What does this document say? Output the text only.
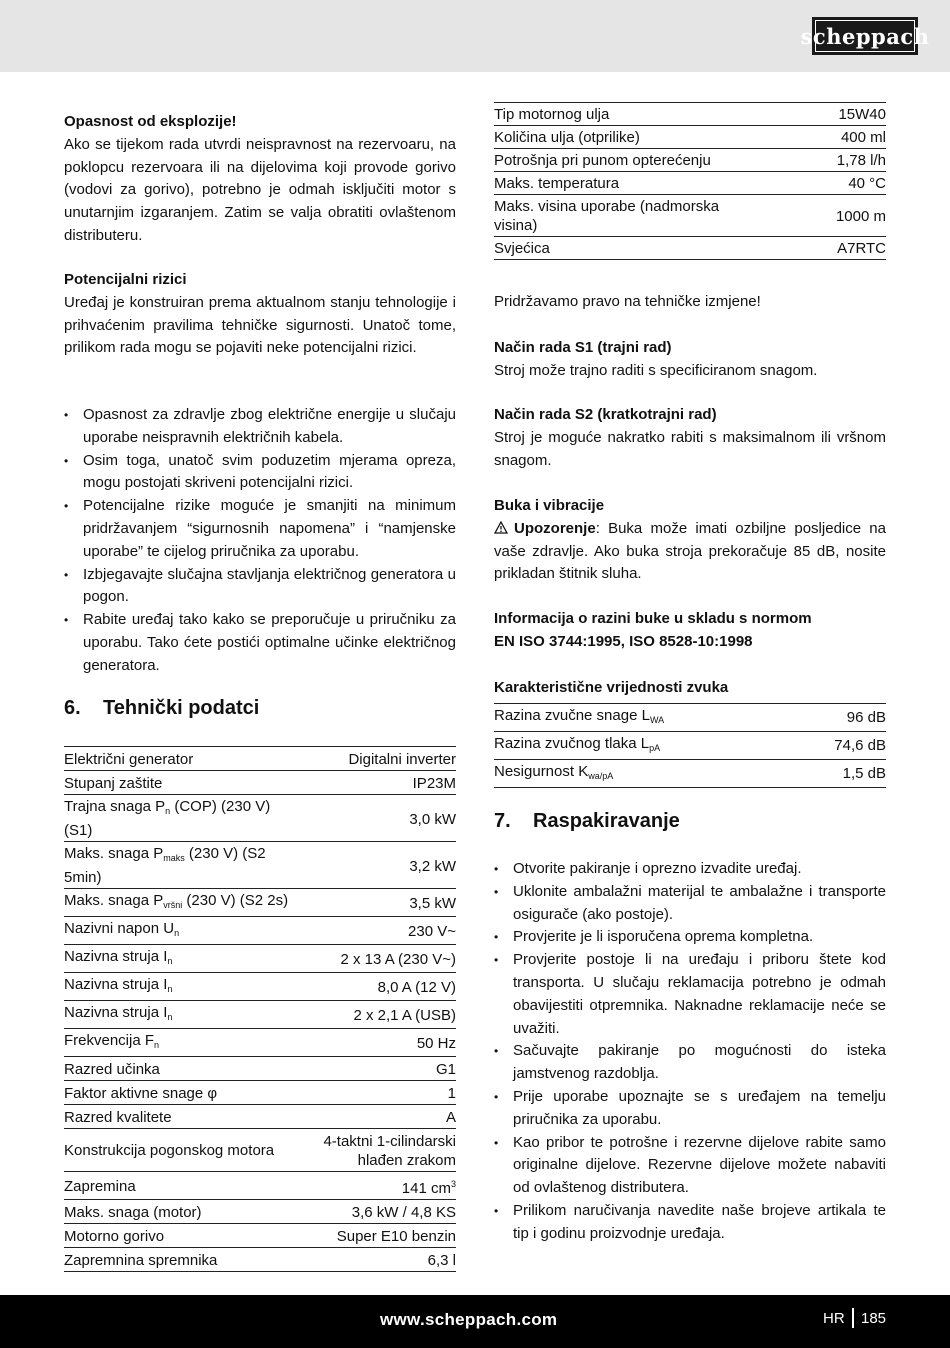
scheppach

Opasnost od eksplozije!

Ako se tijekom rada utvrdi neispravnost na rezervoaru, na poklopcu rezervoara ili na dijelovima koji provode gorivo (vodovi za gorivo), potrebno je odmah isključiti motor s unutarnjim izgaranjem. Zatim se valja obratiti ovlaštenom distributeru.

Potencijalni rizici

Uređaj je konstruiran prema aktualnom stanju tehnologije i prihvaćenim pravilima tehničke sigurnosti. Unatoč tome, prilikom rada mogu se pojaviti neke potencijalni rizici.

• Opasnost za zdravlje zbog električne energije u slučaju uporabe neispravnih električnih kabela.
• Osim toga, unatoč svim poduzetim mjerama opreza, mogu postojati skriveni potencijalni rizici.
• Potencijalne rizike moguće je smanjiti na minimum pridržavanjem “sigurnosnih napomena” i “namjenske uporabe” te cijelog priručnika za uporabu.
• Izbjegavajte slučajna stavljanja električnog generatora u pogon.
• Rabite uređaj tako kako se preporučuje u priručniku za uporabu. Tako ćete postići optimalne učinke električnog generatora.
6.	Tehnički podatci
Električni generator	Digitalni inverter
Stupanj zaštite	IP23M
Trajna snaga $P_n$ (COP) (230 V) (S1)	3,0 kW
Maks. snaga $P_{maks}$ (230 V) (S2 5min)	3,2 kW
Maks. snaga $P_{vršni}$ (230 V) (S2 2s)	3,5 kW
Nazivni napon $U_n$	230 V~
Nazivna struja $I_n$	2 x 13 A (230 V~)
Nazivna struja $I_n$	8,0 A (12 V)
Nazivna struja $I_n$	2 x 2,1 A (USB)
Frekvencija $F_n$	50 Hz
Razred učinka	G1
Faktor aktivne snage φ	1
Razred kvalitete	A
Konstrukcija pogonskog motora	4-taktni 1-cilindarski hlađen zrakom
Zapremina	141 $cm^3$
Maks. snaga (motor)	3,6 kW / 4,8 KS
Motorno gorivo	Super E10 benzin
Zapremnina spremnika	6,3 l
Tip motornog ulja	15W40
Količina ulja (otprilike)	400 ml
Potrošnja pri punom opterećenju	1,78 l/h
Maks. temperatura	40 °C
Maks. visina uporabe (nadmorska visina)	1000 m
Svjećica	A7RTC

Pridržavamo pravo na tehničke izmjene!

Način rada S1 (trajni rad)

Stroj može trajno raditi s specificiranom snagom.

Način rada S2 (kratkotrajni rad)

Stroj je moguće nakratko rabiti s maksimalnom ili vršnom snagom.

Buka i vibracije

Upozorenje: Buka može imati ozbiljne posljedice na vaše zdravlje. Ako buka stroja prekoračuje 85 dB, nosite prikladan štitnik sluha.

Informacija o razini buke u skladu s normom

EN ISO 3744:1995, ISO 8528-10:1998

Karakteristične vrijednosti zvuka

Razina zvučne snage $L_{WA}$	96 dB
Razina zvučnog tlaka $L_{pA}$	74,6 dB
Nesigurnost $K_{wa/pA}$	1,5 dB
7.	Raspakiravanje
• Otvorite pakiranje i oprezno izvadite uređaj.
• Uklonite ambalažni materijal te ambalažne i transporte osigurače (ako postoje).
• Provjerite je li isporučena oprema kompletna.
• Provjerite postoje li na uređaju i priboru štete kod transporta. U slučaju reklamacija potrebno je odmah obavijestiti otpremnika. Naknadne reklamacije neće se uvažiti.
• Sačuvajte pakiranje po mogućnosti do isteka jamstvenog razdoblja.
• Prije uporabe upoznajte se s uređajem na temelju priručnika za uporabu.
• Kao pribor te potrošne i rezervne dijelove rabite samo originalne dijelove. Rezervne dijelove možete nabaviti od ovlaštenog distributera.
• Prilikom naručivanja navedite naše brojeve artikala te tip i godinu proizvodnje uređaja.
www.scheppach.com	HR 185
